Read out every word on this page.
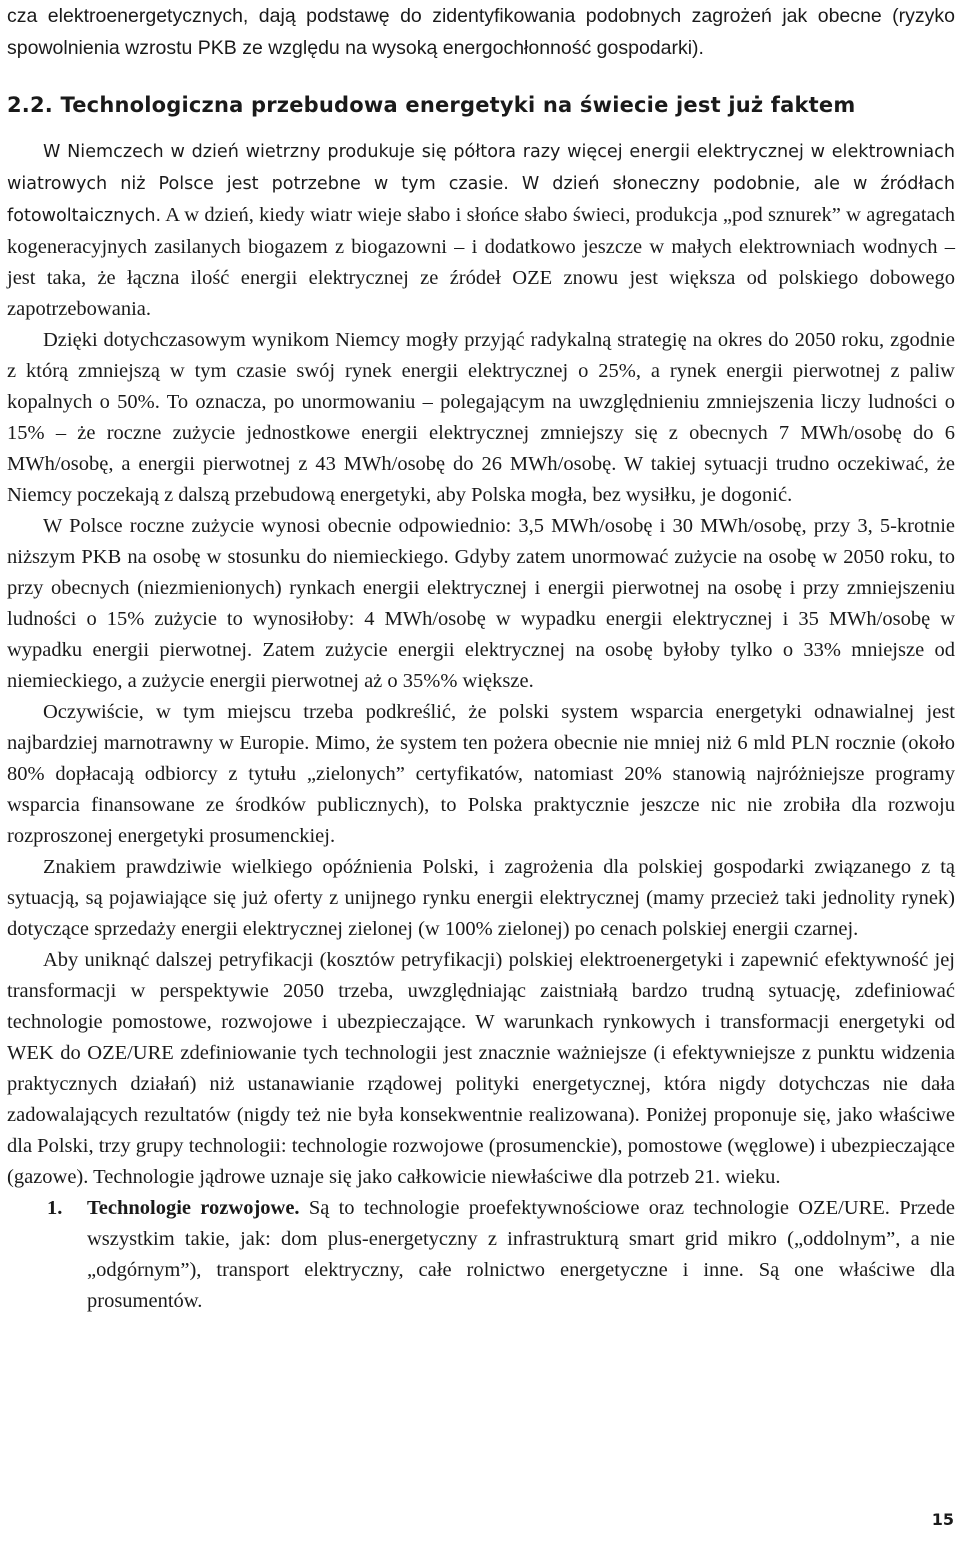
cza elektroenergetycznych, dają podstawę do zidentyfikowania podobnych zagrożeń jak obecne (ryzyko spowolnienia wzrostu PKB ze względu na wysoką energochłonność gospodarki).

2.2. Technologiczna przebudowa energetyki na świecie jest już faktem

W Niemczech w dzień wietrzny produkuje się półtora razy więcej energii elektrycznej w elektrowniach wiatrowych niż Polsce jest potrzebne w tym czasie. W dzień słoneczny podobnie, ale w źródłach fotowoltaicznych. A w dzień, kiedy wiatr wieje słabo i słońce słabo świeci, produkcja „pod sznurek” w agregatach kogeneracyjnych zasilanych biogazem z biogazowni – i dodatkowo jeszcze w małych elektrowniach wodnych – jest taka, że łączna ilość energii elektrycznej ze źródeł OZE znowu jest większa od polskiego dobowego zapotrzebowania.

Dzięki dotychczasowym wynikom Niemcy mogły przyjąć radykalną strategię na okres do 2050 roku, zgodnie z którą zmniejszą w tym czasie swój rynek energii elektrycznej o 25%, a rynek energii pierwotnej z paliw kopalnych o 50%. To oznacza, po unormowaniu – polegającym na uwzględnieniu zmniejszenia liczy ludności o 15% – że roczne zużycie jednostkowe energii elektrycznej zmniejszy się z obecnych 7 MWh/osobę do 6 MWh/osobę, a energii pierwotnej z 43 MWh/osobę do 26 MWh/osobę. W takiej sytuacji trudno oczekiwać, że Niemcy poczekają z dalszą przebudową energetyki, aby Polska mogła, bez wysiłku, je dogonić.

W Polsce roczne zużycie wynosi obecnie odpowiednio: 3,5 MWh/osobę i 30 MWh/osobę, przy 3, 5-krotnie niższym PKB na osobę w stosunku do niemieckiego. Gdyby zatem unormować zużycie na osobę w 2050 roku, to przy obecnych (niezmienionych) rynkach energii elektrycznej i energii pierwotnej na osobę i przy zmniejszeniu ludności o 15% zużycie to wynosiłoby: 4 MWh/osobę w wypadku energii elektrycznej i 35 MWh/osobę w wypadku energii pierwotnej. Zatem zużycie energii elektrycznej na osobę byłoby tylko o 33% mniejsze od niemieckiego, a zużycie energii pierwotnej aż o 35%% większe.

Oczywiście, w tym miejscu trzeba podkreślić, że polski system wsparcia energetyki odnawialnej jest najbardziej marnotrawny w Europie. Mimo, że system ten pożera obecnie nie mniej niż 6 mld PLN rocznie (około 80% dopłacają odbiorcy z tytułu „zielonych” certyfikatów, natomiast 20% stanowią najróżniejsze programy wsparcia finansowane ze środków publicznych), to Polska praktycznie jeszcze nic nie zrobiła dla rozwoju rozproszonej energetyki prosumenckiej.

Znakiem prawdziwie wielkiego opóźnienia Polski, i zagrożenia dla polskiej gospodarki związanego z tą sytuacją, są pojawiające się już oferty z unijnego rynku energii elektrycznej (mamy przecież taki jednolity rynek) dotyczące sprzedaży energii elektrycznej zielonej (w 100% zielonej) po cenach polskiej energii czarnej.

Aby uniknąć dalszej petryfikacji (kosztów petryfikacji) polskiej elektroenergetyki i zapewnić efektywność jej transformacji w perspektywie 2050 trzeba, uwzględniając zaistniałą bardzo trudną sytuację, zdefiniować technologie pomostowe, rozwojowe i ubezpieczające. W warunkach rynkowych i transformacji energetyki od WEK do OZE/URE zdefiniowanie tych technologii jest znacznie ważniejsze (i efektywniejsze z punktu widzenia praktycznych działań) niż ustanawianie rządowej polityki energetycznej, która nigdy dotychczas nie dała zadowalających rezultatów (nigdy też nie była konsekwentnie realizowana). Poniżej proponuje się, jako właściwe dla Polski, trzy grupy technologii: technologie rozwojowe (prosumenckie), pomostowe (węglowe) i ubezpieczające (gazowe). Technologie jądrowe uznaje się jako całkowicie niewłaściwe dla potrzeb 21. wieku.

1.	Technologie rozwojowe. Są to technologie proefektywnościowe oraz technologie OZE/URE. Przede wszystkim takie, jak: dom plus-energetyczny z infrastrukturą smart grid mikro („oddolnym”, a nie „odgórnym”), transport elektryczny, całe rolnictwo energetyczne i inne. Są one właściwe dla prosumentów.
15
